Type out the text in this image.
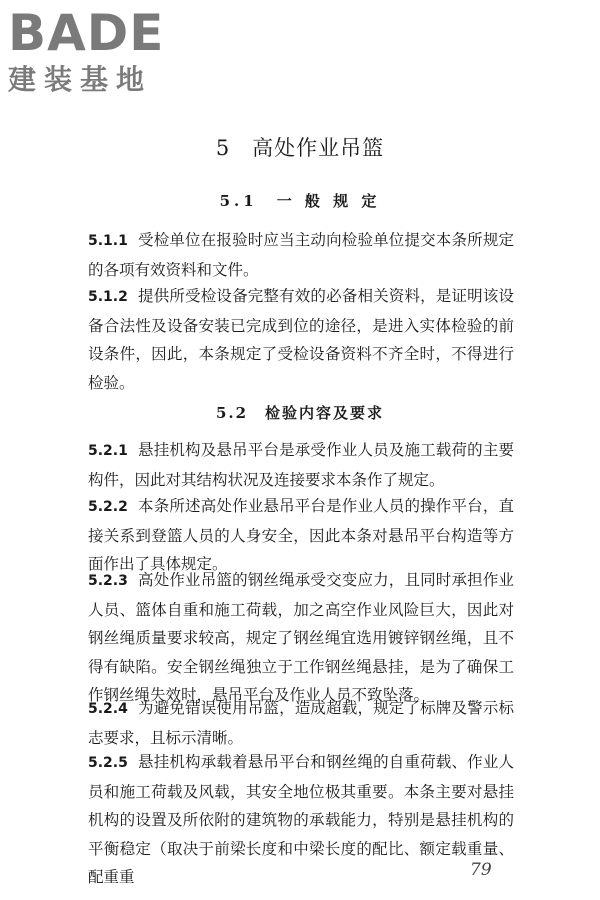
BADE
建装基地
5　高处作业吊篮
5.1　一 般 规 定

5.1.1 受检单位在报验时应当主动向检验单位提交本条所规定的各项有效资料和文件。

5.1.2 提供所受检设备完整有效的必备相关资料，是证明该设备合法性及设备安装已完成到位的途径，是进入实体检验的前设条件，因此，本条规定了受检设备资料不齐全时，不得进行检验。

5.2　检验内容及要求

5.2.1 悬挂机构及悬吊平台是承受作业人员及施工载荷的主要构件，因此对其结构状况及连接要求本条作了规定。

5.2.2 本条所述高处作业悬吊平台是作业人员的操作平台，直接关系到登篮人员的人身安全，因此本条对悬吊平台构造等方面作出了具体规定。

5.2.3 高处作业吊篮的钢丝绳承受交变应力，且同时承担作业人员、篮体自重和施工荷载，加之高空作业风险巨大，因此对钢丝绳质量要求较高，规定了钢丝绳宜选用镀锌钢丝绳，且不得有缺陷。安全钢丝绳独立于工作钢丝绳悬挂，是为了确保工作钢丝绳失效时，悬吊平台及作业人员不致坠落。

5.2.4 为避免错误使用吊篮，造成超载，规定了标牌及警示标志要求，且标示清晰。

5.2.5 悬挂机构承载着悬吊平台和钢丝绳的自重荷载、作业人员和施工荷载及风载，其安全地位极其重要。本条主要对悬挂机构的设置及所依附的建筑物的承载能力，特别是悬挂机构的平衡稳定（取决于前梁长度和中梁长度的配比、额定载重量、配重重	79
